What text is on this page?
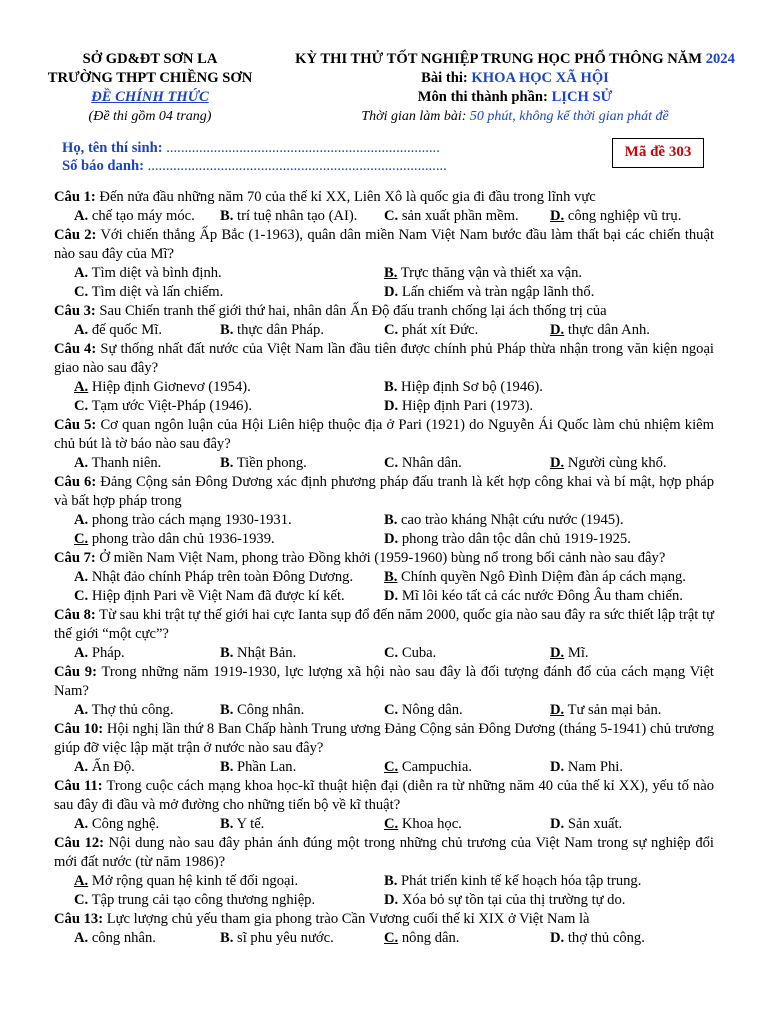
SỞ GD&ĐT SƠN LA
TRƯỜNG THPT CHIỀNG SƠN
ĐỀ CHÍNH THỨC
(Đề thi gồm 04 trang)
KỲ THI THỬ TỐT NGHIỆP TRUNG HỌC PHỔ THÔNG NĂM 2024
Bài thi: KHOA HỌC XÃ HỘI
Môn thi thành phần: LỊCH SỬ
Thời gian làm bài: 50 phút, không kể thời gian phát đề
Họ, tên thí sinh: ...........................................................................
Số báo danh: ..................................................................................
Mã đề 303
Câu 1: Đến nửa đầu những năm 70 của thế kỉ XX, Liên Xô là quốc gia đi đầu trong lĩnh vực
A. chế tạo máy móc.	B. trí tuệ nhân tạo (AI).	C. sản xuất phần mềm.	D. công nghiệp vũ trụ.
Câu 2: Với chiến thắng Ấp Bắc (1-1963), quân dân miền Nam Việt Nam bước đầu làm thất bại các chiến thuật nào sau đây của Mĩ?
A. Tìm diệt và bình định.	B. Trực thăng vận và thiết xa vận.
C. Tìm diệt và lấn chiếm.	D. Lấn chiếm và tràn ngập lãnh thổ.
Câu 3: Sau Chiến tranh thế giới thứ hai, nhân dân Ấn Độ đấu tranh chống lại ách thống trị của
A. đế quốc Mĩ.	B. thực dân Pháp.	C. phát xít Đức.	D. thực dân Anh.
Câu 4: Sự thống nhất đất nước của Việt Nam lần đầu tiên được chính phủ Pháp thừa nhận trong văn kiện ngoại giao nào sau đây?
A. Hiệp định Giơnevơ (1954).	B. Hiệp định Sơ bộ (1946).
C. Tạm ước Việt-Pháp (1946).	D. Hiệp định Pari (1973).
Câu 5: Cơ quan ngôn luận của Hội Liên hiệp thuộc địa ở Pari (1921) do Nguyễn Ái Quốc làm chủ nhiệm kiêm chủ bút là tờ báo nào sau đây?
A. Thanh niên.	B. Tiền phong.	C. Nhân dân.	D. Người cùng khổ.
Câu 6: Đảng Cộng sản Đông Dương xác định phương pháp đấu tranh là kết hợp công khai và bí mật, hợp pháp và bất hợp pháp trong
A. phong trào cách mạng 1930-1931.	B. cao trào kháng Nhật cứu nước (1945).
C. phong trào dân chủ 1936-1939.	D. phong trào dân tộc dân chủ 1919-1925.
Câu 7: Ở miền Nam Việt Nam, phong trào Đồng khởi (1959-1960) bùng nổ trong bối cảnh nào sau đây?
A. Nhật đảo chính Pháp trên toàn Đông Dương.	B. Chính quyền Ngô Đình Diệm đàn áp cách mạng.
C. Hiệp định Pari về Việt Nam đã được kí kết.	D. Mĩ lôi kéo tất cả các nước Đông Âu tham chiến.
Câu 8: Từ sau khi trật tự thế giới hai cực Ianta sụp đổ đến năm 2000, quốc gia nào sau đây ra sức thiết lập trật tự thế giới “một cực”?
A. Pháp.	B. Nhật Bản.	C. Cuba.	D. Mĩ.
Câu 9: Trong những năm 1919-1930, lực lượng xã hội nào sau đây là đối tượng đánh đổ của cách mạng Việt Nam?
A. Thợ thủ công.	B. Công nhân.	C. Nông dân.	D. Tư sản mại bản.
Câu 10: Hội nghị lần thứ 8 Ban Chấp hành Trung ương Đảng Cộng sản Đông Dương (tháng 5-1941) chủ trương giúp đỡ việc lập mặt trận ở nước nào sau đây?
A. Ấn Độ.	B. Phần Lan.	C. Campuchia.	D. Nam Phi.
Câu 11: Trong cuộc cách mạng khoa học-kĩ thuật hiện đại (diễn ra từ những năm 40 của thế kỉ XX), yếu tố nào sau đây đi đầu và mở đường cho những tiến bộ về kĩ thuật?
A. Công nghệ.	B. Y tế.	C. Khoa học.	D. Sản xuất.
Câu 12: Nội dung nào sau đây phản ánh đúng một trong những chủ trương của Việt Nam trong sự nghiệp đổi mới đất nước (từ năm 1986)?
A. Mở rộng quan hệ kinh tế đối ngoại.	B. Phát triển kinh tế kế hoạch hóa tập trung.
C. Tập trung cải tạo công thương nghiệp.	D. Xóa bỏ sự tồn tại của thị trường tự do.
Câu 13: Lực lượng chủ yếu tham gia phong trào Cần Vương cuối thế kỉ XIX ở Việt Nam là
A. công nhân.	B. sĩ phu yêu nước.	C. nông dân.	D. thợ thủ công.
